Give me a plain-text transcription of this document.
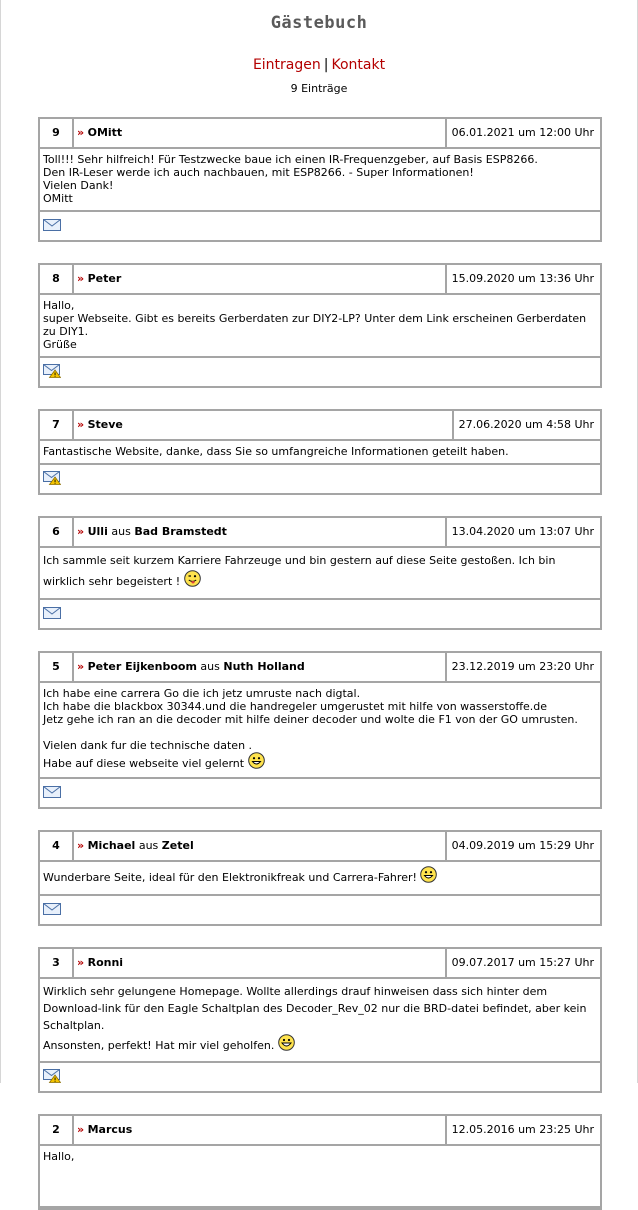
Gästebuch
Eintragen | Kontakt
9 Einträge
9	» OMitt	06.01.2021 um 12:00 Uhr
Toll!!! Sehr hilfreich! Für Testzwecke baue ich einen IR-Frequenzgeber, auf Basis ESP8266.
Den IR-Leser werde ich auch nachbauen, mit ESP8266. - Super Informationen!
Vielen Dank!
OMitt
8	» Peter	15.09.2020 um 13:36 Uhr
Hallo,
super Webseite. Gibt es bereits Gerberdaten zur DIY2-LP? Unter dem Link erscheinen Gerberdaten zu DIY1.
Grüße
7	» Steve	27.06.2020 um 4:58 Uhr
Fantastische Website, danke, dass Sie so umfangreiche Informationen geteilt haben.
6	» Ulli aus Bad Bramstedt	13.04.2020 um 13:07 Uhr
Ich sammle seit kurzem Karriere Fahrzeuge und bin gestern auf diese Seite gestoßen. Ich bin wirklich sehr begeistert !
5	» Peter Eijkenboom aus Nuth Holland	23.12.2019 um 23:20 Uhr
Ich habe eine carrera Go die ich jetz umruste nach digtal.
Ich habe die blackbox 30344.und die handregeler umgerustet mit hilfe von wasserstoffe.de
Jetz gehe ich ran an die decoder mit hilfe deiner decoder und wolte die F1 von der GO umrusten.

Vielen dank fur die technische daten .
Habe auf diese webseite viel gelernt
4	» Michael aus Zetel	04.09.2019 um 15:29 Uhr
Wunderbare Seite, ideal für den Elektronikfreak und Carrera-Fahrer!
3	» Ronni	09.07.2017 um 15:27 Uhr
Wirklich sehr gelungene Homepage. Wollte allerdings drauf hinweisen dass sich hinter dem Download-link für den Eagle Schaltplan des Decoder_Rev_02 nur die BRD-datei befindet, aber kein Schaltplan.
Ansonsten, perfekt! Hat mir viel geholfen.
2	» Marcus	12.05.2016 um 23:25 Uhr
Hallo,
